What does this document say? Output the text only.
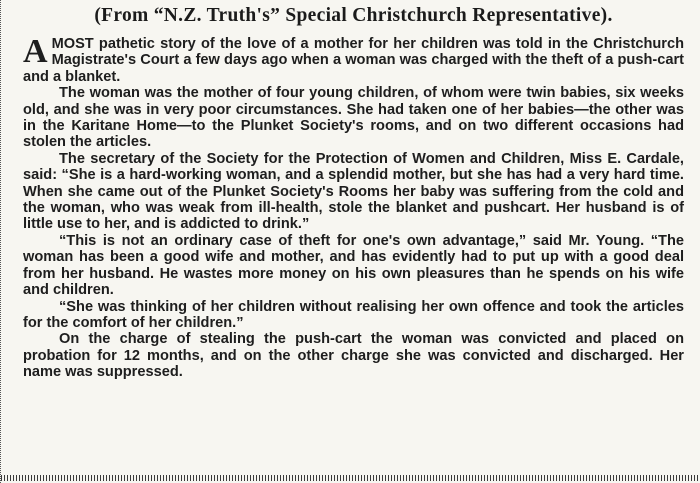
(From “N.Z. Truth's” Special Christchurch Representative).

AMOST pathetic story of the love of a mother for her children was told in the Christchurch Magistrate's Court a few days ago when a woman was charged with the theft of a push-cart and a blanket.

The woman was the mother of four young children, of whom were twin babies, six weeks old, and she was in very poor circumstances. She had taken one of her babies—the other was in the Karitane Home—to the Plunket Society's rooms, and on two different occasions had stolen the articles.

The secretary of the Society for the Protection of Women and Children, Miss E. Cardale, said: “She is a hard-working woman, and a splendid mother, but she has had a very hard time. When she came out of the Plunket Society's Rooms her baby was suffering from the cold and the woman, who was weak from ill-health, stole the blanket and pushcart. Her husband is of little use to her, and is addicted to drink.”

“This is not an ordinary case of theft for one's own advantage,” said Mr. Young. “The woman has been a good wife and mother, and has evidently had to put up with a good deal from her husband. He wastes more money on his own pleasures than he spends on his wife and children.

“She was thinking of her children without realising her own offence and took the articles for the comfort of her children.”

On the charge of stealing the push-cart the woman was convicted and placed on probation for 12 months, and on the other charge she was convicted and discharged. Her name was suppressed.
